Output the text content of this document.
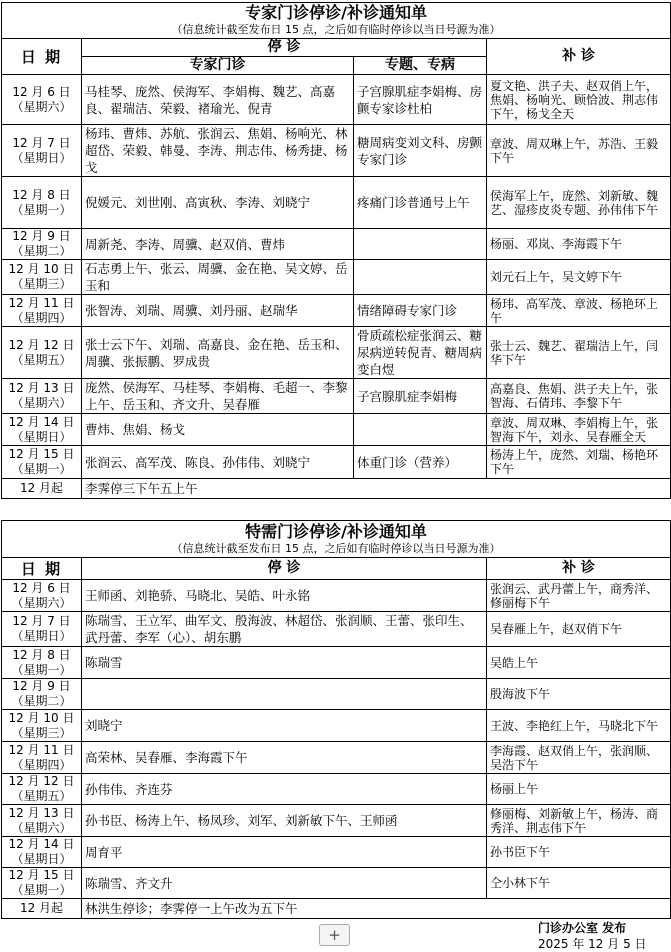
专家门诊停诊/补诊通知单			
（信息统计截至发布日 15 点，之后如有临时停诊以当日号源为准）			
日 期	停 诊		补 诊
	专家门诊	专题、专病	
12 月 6 日
（星期六）	马桂琴、庞然、侯海军、李娟梅、魏艺、高嘉良、翟瑞洁、荣毅、褚瑜光、倪青	子宫腺肌症李娟梅、房颤专家诊杜柏	夏文艳、洪子夫、赵双俏上午，焦娟、杨响光、顾恰波、荆志伟下午，杨戈全天
12 月 7 日
（星期日）	杨玮、曹炜、苏航、张润云、焦娟、杨响光、林超岱、荣毅、韩曼、李涛、荆志伟、杨秀捷、杨戈	糖周病变刘文科、房颤专家门诊	章波、周双琳上午，苏浩、王毅下午
12 月 8 日
（星期一）	倪媛元、刘世刚、高寅秋、李涛、刘晓宁	疼痛门诊普通号上午	侯海军上午，庞然、刘新敏、魏艺、湿疹皮炎专题、孙伟伟下午
12 月 9 日
（星期二）	周新尧、李涛、周骥、赵双俏、曹炜		杨丽、邓岚、李海霞下午
12 月 10 日
（星期三）	石志勇上午、张云、周骥、金在艳、吴文婷、岳玉和		刘元石上午，吴文婷下午
12 月 11 日
（星期四）	张智涛、刘瑞、周骥、刘丹丽、赵瑞华	情绪障碍专家门诊	杨玮、高军茂、章波、杨艳环上午
12 月 12 日
（星期五）	张士云下午、刘瑞、高嘉良、金在艳、岳玉和、周骥、张振鹏、罗成贵	骨质疏松症张润云、糖尿病逆转倪青、糖周病变白煜	张士云、魏艺、翟瑞洁上午，闫华下午
12 月 13 日
（星期六）	庞然、侯海军、马桂琴、李娟梅、毛超一、李黎上午、岳玉和、齐文升、吴春雁	子宫腺肌症李娟梅	高嘉良、焦娟、洪子夫上午，张智海、石倩玮、李黎下午
12 月 14 日
（星期日）	曹炜、焦娟、杨戈		章波、周双琳、李娟梅上午，张智海下午，刘永、吴春雁全天
12 月 15 日
（星期一）	张润云、高军茂、陈良、孙伟伟、刘晓宁	体重门诊（营养）	杨涛上午，庞然、刘瑞、杨艳环下午
12 月起	李霁停三下午五上午		
特需门诊停诊/补诊通知单		
（信息统计截至发布日 15 点，之后如有临时停诊以当日号源为准）		
日 期	停 诊	补 诊
12 月 6 日
（星期六）	王师函、刘艳骄、马晓北、吴皓、叶永铭	张润云、武丹蕾上午，商秀洋、修丽梅下午
12 月 7 日
（星期日）	陈瑞雪、王立军、曲军文、殷海波、林超岱、张润顺、王蕾、张印生、武丹蕾、李军（心）、胡东鹏	吴春雁上午，赵双俏下午
12 月 8 日
（星期一）	陈瑞雪	吴皓上午
12 月 9 日
（星期二）		殷海波下午
12 月 10 日
（星期三）	刘晓宁	王波、李艳红上午，马晓北下午
12 月 11 日
（星期四）	高荣林、吴春雁、李海霞下午	李海霞、赵双俏上午，张润顺、吴浩下午
12 月 12 日
（星期五）	孙伟伟、齐连芬	杨丽上午
12 月 13 日
（星期六）	孙书臣、杨涛上午、杨凤珍、刘军、刘新敏下午、王师函	修丽梅、刘新敏上午，杨涛、商秀洋、荆志伟下午
12 月 14 日
（星期日）	周育平	孙书臣下午
12 月 15 日
（星期一）	陈瑞雪、齐文升	仝小林下午
12 月起	林洪生停诊；李霁停一上午改为五下午	
门诊办公室 发布
2025 年 12 月 5 日
+
